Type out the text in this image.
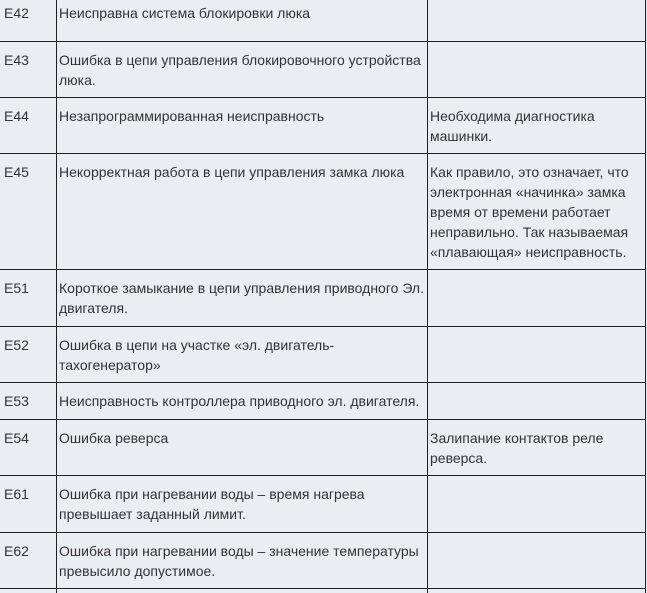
E42	Неисправна система блокировки люка	

E43	Ошибка в цепи управления блокировочного устройства люка.	

E44	Незапрограммированная неисправность	Необходима диагностика машинки.

E45	Некорректная работа в цепи управления замка люка	Как правило, это означает, что электронная «начинка» замка время от времени работает неправильно. Так называемая «плавающая» неисправность.

E51	Короткое замыкание в цепи управления приводного Эл. двигателя.	

E52	Ошибка в цепи на участке «эл. двигатель-тахогенератор»	

E53	Неисправность контроллера приводного эл. двигателя.	

E54	Ошибка реверса	Залипание контактов реле реверса.

E61	Ошибка при нагревании воды – время нагрева превышает заданный лимит.	

E62	Ошибка при нагревании воды – значение температуры превысило допустимое.	
